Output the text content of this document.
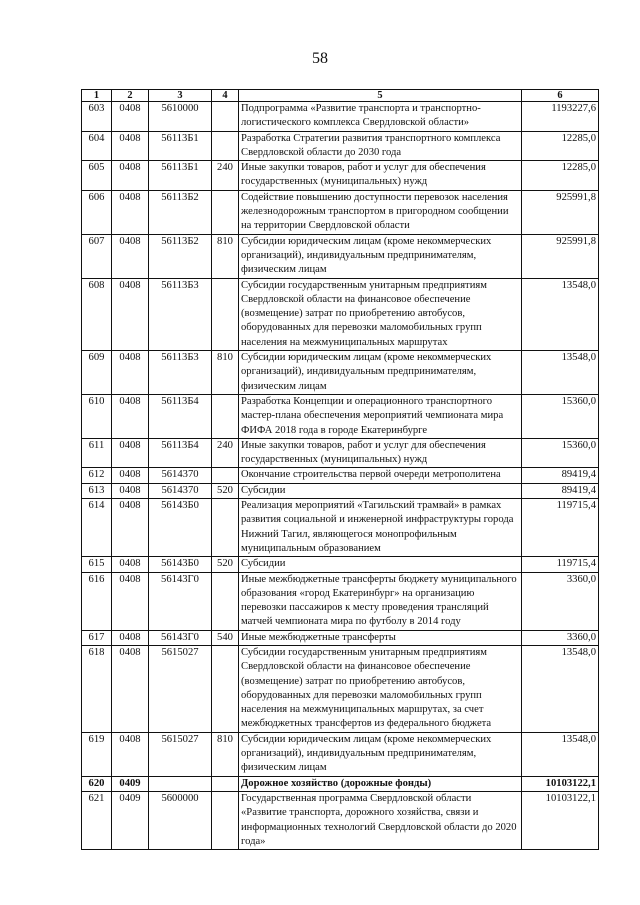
58
1	2	3	4	5	6
603	0408	5610000		Подпрограмма «Развитие транспорта и транспортно-логистического комплекса Свердловской области»	1193227,6
604	0408	56113Б1		Разработка Стратегии развития транспортного комплекса Свердловской области до 2030 года	12285,0
605	0408	56113Б1	240	Иные закупки товаров, работ и услуг для обеспечения государственных (муниципальных) нужд	12285,0
606	0408	56113Б2		Содействие повышению доступности перевозок населения железнодорожным транспортом в пригородном сообщении на территории Свердловской области	925991,8
607	0408	56113Б2	810	Субсидии юридическим лицам (кроме некоммерческих организаций), индивидуальным предпринимателям, физическим лицам	925991,8
608	0408	56113Б3		Субсидии государственным унитарным предприятиям Свердловской области на финансовое обеспечение (возмещение) затрат по приобретению автобусов, оборудованных для перевозки маломобильных групп населения на межмуниципальных маршрутах	13548,0
609	0408	56113Б3	810	Субсидии юридическим лицам (кроме некоммерческих организаций), индивидуальным предпринимателям, физическим лицам	13548,0
610	0408	56113Б4		Разработка Концепции и операционного транспортного мастер-плана обеспечения мероприятий чемпионата мира ФИФА 2018 года в городе Екатеринбурге	15360,0
611	0408	56113Б4	240	Иные закупки товаров, работ и услуг для обеспечения государственных (муниципальных) нужд	15360,0
612	0408	5614370		Окончание строительства первой очереди метрополитена	89419,4
613	0408	5614370	520	Субсидии	89419,4
614	0408	56143Б0		Реализация мероприятий «Тагильский трамвай» в рамках развития социальной и инженерной инфраструктуры города Нижний Тагил, являющегося монопрофильным муниципальным образованием	119715,4
615	0408	56143Б0	520	Субсидии	119715,4
616	0408	56143Г0		Иные межбюджетные трансферты бюджету муниципального образования «город Екатеринбург» на организацию перевозки пассажиров к месту проведения трансляций матчей чемпионата мира по футболу в 2014 году	3360,0
617	0408	56143Г0	540	Иные межбюджетные трансферты	3360,0
618	0408	5615027		Субсидии государственным унитарным предприятиям Свердловской области на финансовое обеспечение (возмещение) затрат по приобретению автобусов, оборудованных для перевозки маломобильных групп населения на межмуниципальных маршрутах, за счет межбюджетных трансфертов из федерального бюджета	13548,0
619	0408	5615027	810	Субсидии юридическим лицам (кроме некоммерческих организаций), индивидуальным предпринимателям, физическим лицам	13548,0
620	0409			Дорожное хозяйство (дорожные фонды)	10103122,1
621	0409	5600000		Государственная программа Свердловской области «Развитие транспорта, дорожного хозяйства, связи и информационных технологий Свердловской области до 2020 года»	10103122,1
